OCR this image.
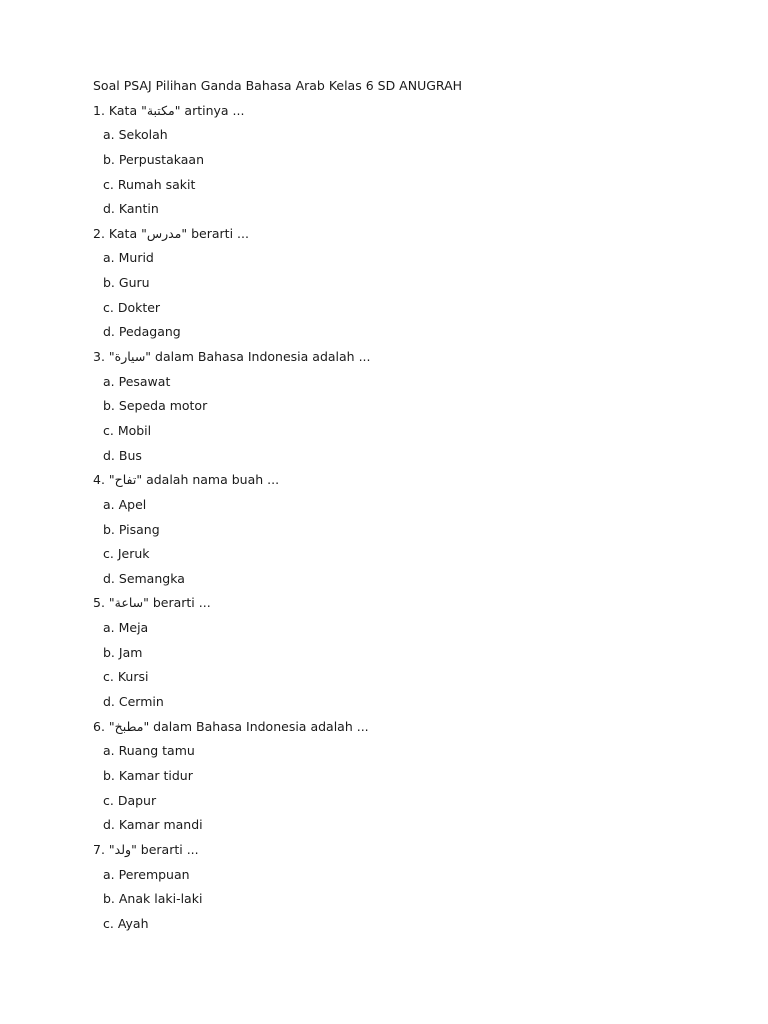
Soal PSAJ Pilihan Ganda Bahasa Arab Kelas 6 SD ANUGRAH
1. Kata "مكتبة" artinya ...
a. Sekolah
b. Perpustakaan
c. Rumah sakit
d. Kantin
2. Kata "مدرس" berarti ...
a. Murid
b. Guru
c. Dokter
d. Pedagang
3. "سيارة" dalam Bahasa Indonesia adalah ...
a. Pesawat
b. Sepeda motor
c. Mobil
d. Bus
4. "تفاح" adalah nama buah ...
a. Apel
b. Pisang
c. Jeruk
d. Semangka
5. "ساعة" berarti ...
a. Meja
b. Jam
c. Kursi
d. Cermin
6. "مطبخ" dalam Bahasa Indonesia adalah ...
a. Ruang tamu
b. Kamar tidur
c. Dapur
d. Kamar mandi
7. "ولد" berarti ...
a. Perempuan
b. Anak laki-laki
c. Ayah
